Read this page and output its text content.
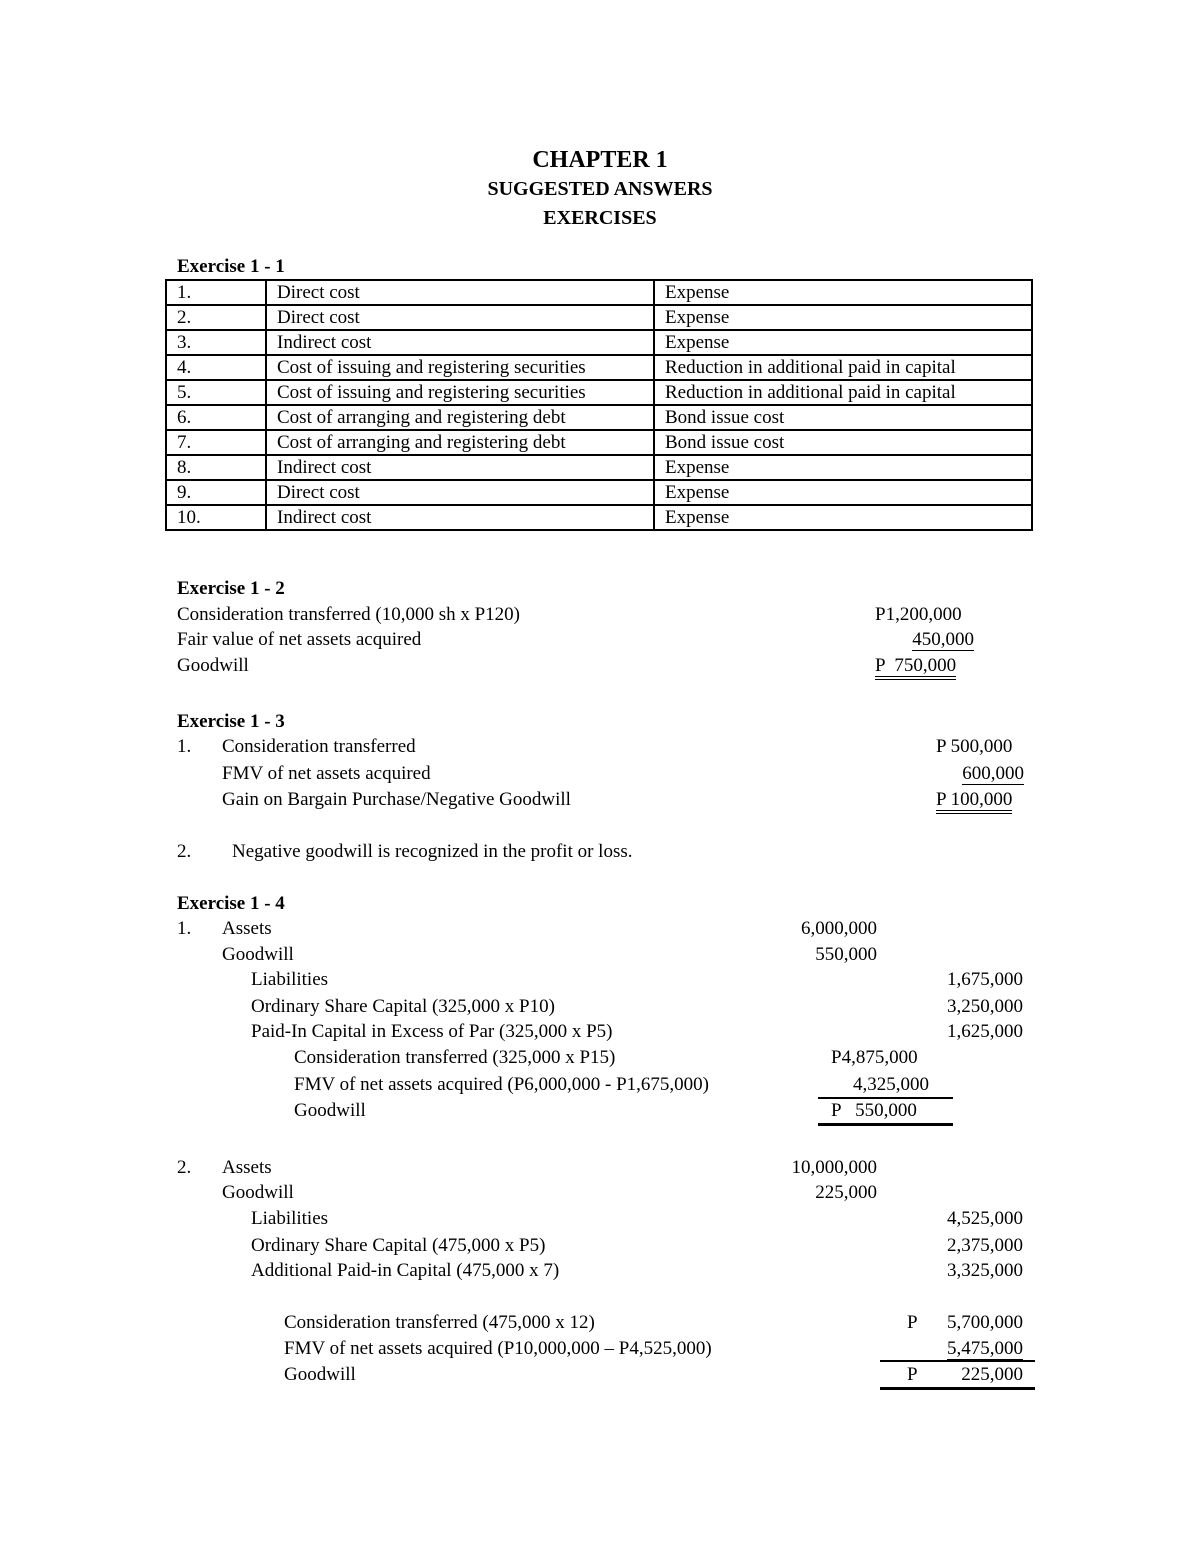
CHAPTER 1
SUGGESTED ANSWERS
EXERCISES
Exercise 1 - 1
1.	Direct cost	Expense
2.	Direct cost	Expense
3.	Indirect cost	Expense
4.	Cost of issuing and registering securities	Reduction in additional paid in capital
5.	Cost of issuing and registering securities	Reduction in additional paid in capital
6.	Cost of arranging and registering debt	Bond issue cost
7.	Cost of arranging and registering debt	Bond issue cost
8.	Indirect cost	Expense
9.	Direct cost	Expense
10.	Indirect cost	Expense
Exercise 1 - 2
Consideration transferred (10,000 sh x P120)	P1,200,000
Fair value of net assets acquired	450,000
Goodwill	P  750,000
Exercise 1 - 3
1. Consideration transferred	P 500,000
FMV of net assets acquired	600,000
Gain on Bargain Purchase/Negative Goodwill	P 100,000
2. Negative goodwill is recognized in the profit or loss.
Exercise 1 - 4
1. Assets	6,000,000
Goodwill	550,000
Liabilities	1,675,000
Ordinary Share Capital (325,000 x P10)	3,250,000
Paid-In Capital in Excess of Par (325,000 x P5)	1,625,000
Consideration transferred (325,000 x P15)	P4,875,000
FMV of net assets acquired (P6,000,000 - P1,675,000)	4,325,000
Goodwill	P   550,000
2. Assets	10,000,000
Goodwill	225,000
Liabilities	4,525,000
Ordinary Share Capital (475,000 x P5)	2,375,000
Additional Paid-in Capital (475,000 x 7)	3,325,000
Consideration transferred (475,000 x 12)	P	5,700,000
FMV of net assets acquired (P10,000,000 – P4,525,000)	5,475,000
Goodwill	P	225,000
